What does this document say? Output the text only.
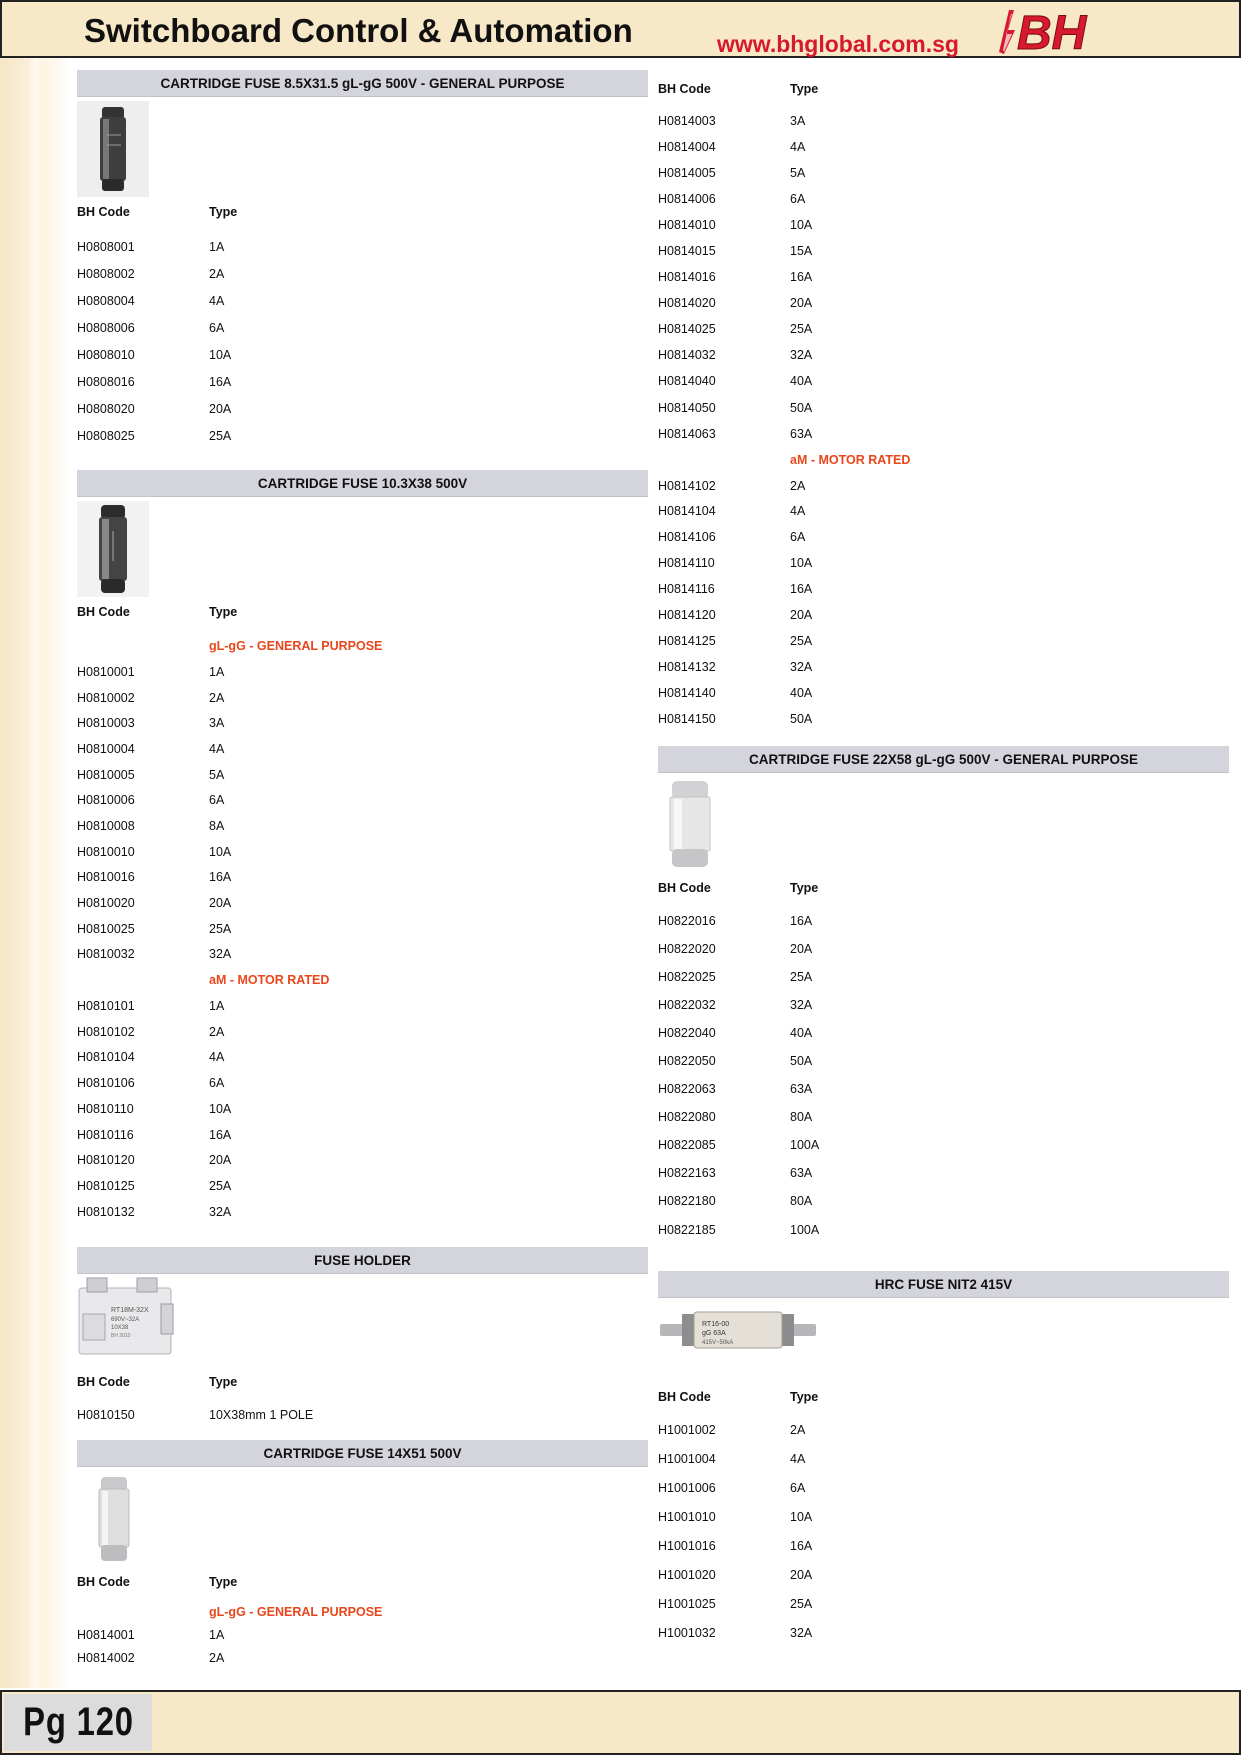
Switchboard Control & Automation	www.bhglobal.com.sg BH
CARTRIDGE FUSE 8.5X31.5 gL-gG 500V - GENERAL PURPOSE
BH Code	Type
H0808001	1A
H0808002	2A
H0808004	4A
H0808006	6A
H0808010	10A
H0808016	16A
H0808020	20A
H0808025	25A
CARTRIDGE FUSE 10.3X38 500V
BH Code	Type
gL-gG - GENERAL PURPOSE
H0810001	1A
H0810002	2A
H0810003	3A
H0810004	4A
H0810005	5A
H0810006	6A
H0810008	8A
H0810010	10A
H0810016	16A
H0810020	20A
H0810025	25A
H0810032	32A
aM - MOTOR RATED
H0810101	1A
H0810102	2A
H0810104	4A
H0810106	6A
H0810110	10A
H0810116	16A
H0810120	20A
H0810125	25A
H0810132	32A
FUSE HOLDER
RT18M-32X
690V~32A
10X38
BH 2010
BH Code	Type
H0810150	10X38mm 1 POLE
CARTRIDGE FUSE 14X51 500V
BH Code	Type
gL-gG - GENERAL PURPOSE
H0814001	1A
H0814002	2A
BH Code	Type
H0814003	3A
H0814004	4A
H0814005	5A
H0814006	6A
H0814010	10A
H0814015	15A
H0814016	16A
H0814020	20A
H0814025	25A
H0814032	32A
H0814040	40A
H0814050	50A
H0814063	63A
aM - MOTOR RATED
H0814102	2A
H0814104	4A
H0814106	6A
H0814110	10A
H0814116	16A
H0814120	20A
H0814125	25A
H0814132	32A
H0814140	40A
H0814150	50A
CARTRIDGE FUSE 22X58 gL-gG 500V - GENERAL PURPOSE
BH Code	Type
H0822016	16A
H0822020	20A
H0822025	25A
H0822032	32A
H0822040	40A
H0822050	50A
H0822063	63A
H0822080	80A
H0822085	100A
H0822163	63A
H0822180	80A
H0822185	100A
HRC FUSE NIT2 415V
RT16-00
gG 63A
415V~50kA
BH Code	Type
H1001002	2A
H1001004	4A
H1001006	6A
H1001010	10A
H1001016	16A
H1001020	20A
H1001025	25A
H1001032	32A
Pg 120
